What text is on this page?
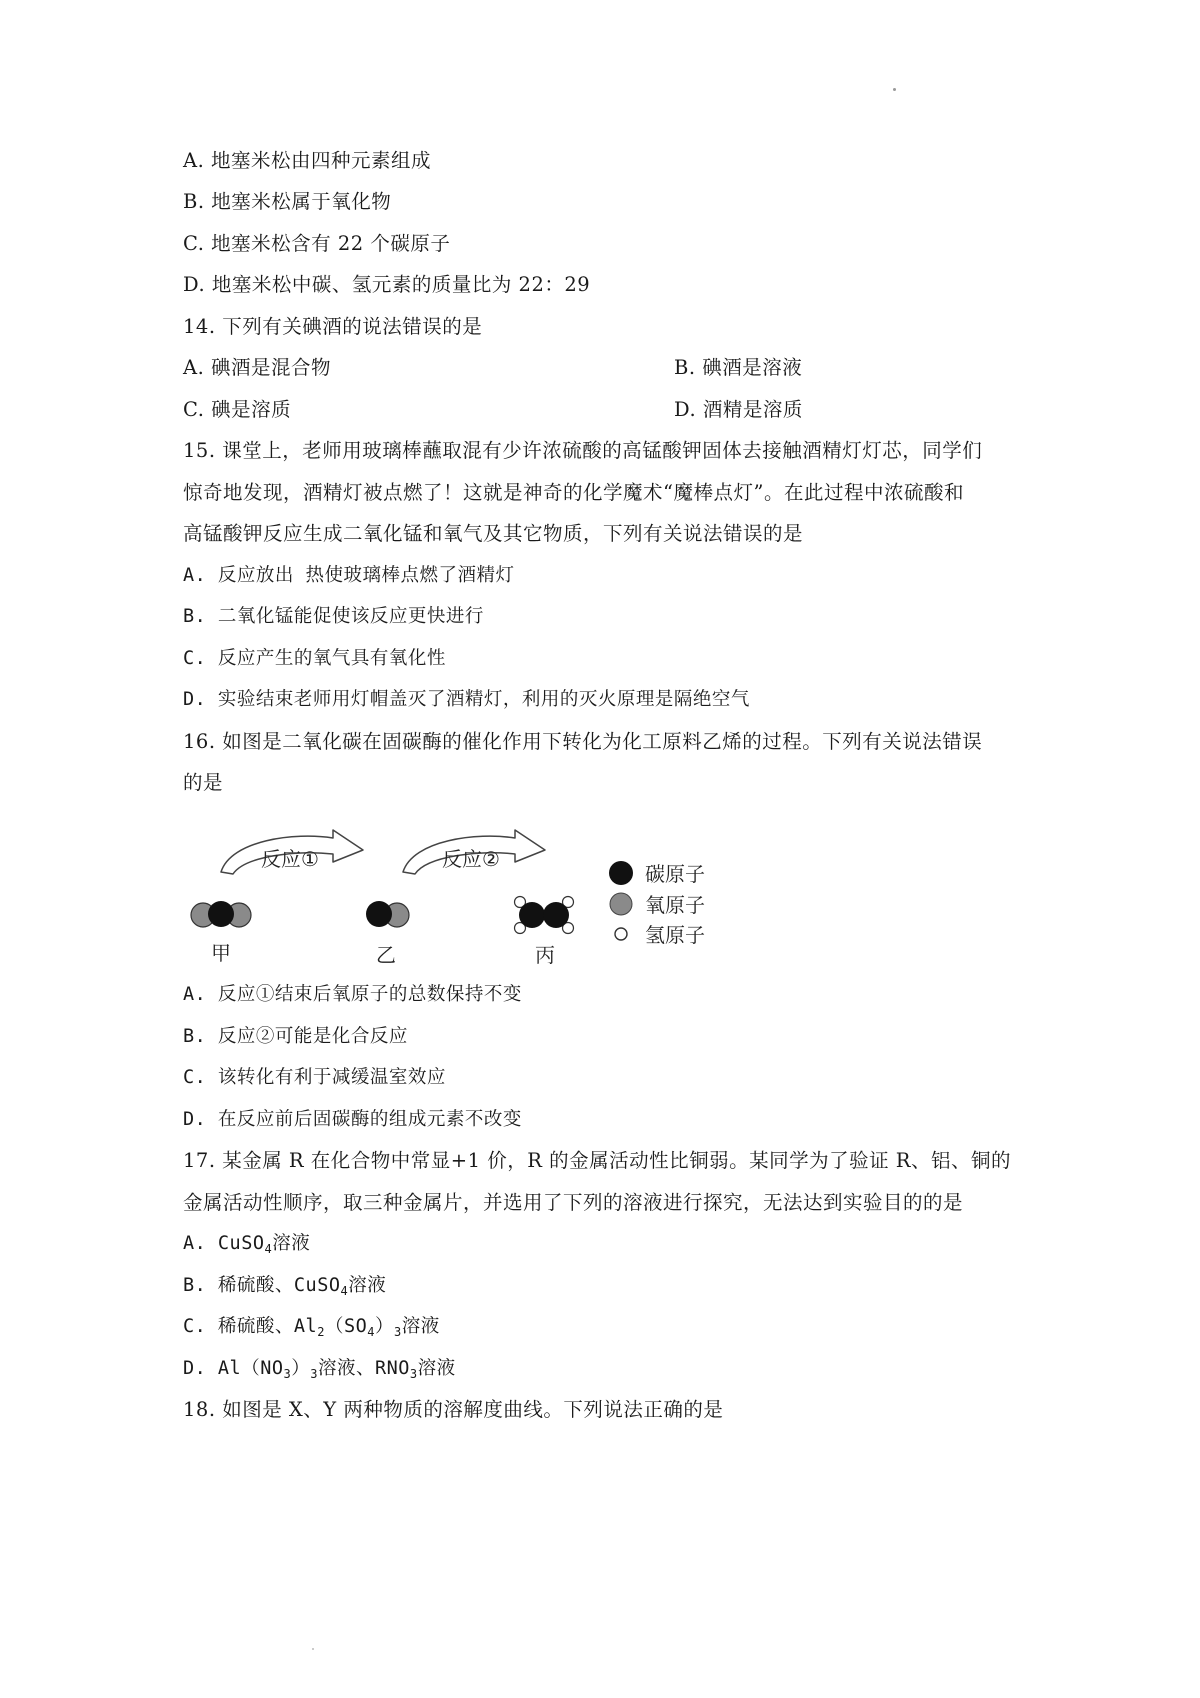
A. 地塞米松由四种元素组成
B. 地塞米松属于氧化物
C. 地塞米松含有 22 个碳原子
D. 地塞米松中碳、氢元素的质量比为 22：29
14. 下列有关碘酒的说法错误的是
A. 碘酒是混合物	B. 碘酒是溶液
C. 碘是溶质	D. 酒精是溶质
15. 课堂上，老师用玻璃棒蘸取混有少许浓硫酸的高锰酸钾固体去接触酒精灯灯芯，同学们
惊奇地发现，酒精灯被点燃了！这就是神奇的化学魔术“魔棒点灯”。在此过程中浓硫酸和
高锰酸钾反应生成二氧化锰和氧气及其它物质，下列有关说法错误的是
A. 反应放出 热使玻璃棒点燃了酒精灯
B. 二氧化锰能促使该反应更快进行
C. 反应产生的氧气具有氧化性
D. 实验结束老师用灯帽盖灭了酒精灯，利用的灭火原理是隔绝空气
16. 如图是二氧化碳在固碳酶的催化作用下转化为化工原料乙烯的过程。下列有关说法错误
的是
反应①	反应②
甲	乙	丙
碳原子
氧原子
氢原子
A. 反应①结束后氧原子的总数保持不变
B. 反应②可能是化合反应
C. 该转化有利于减缓温室效应
D. 在反应前后固碳酶的组成元素不改变
17. 某金属 R 在化合物中常显+1 价，R 的金属活动性比铜弱。某同学为了验证 R、铝、铜的
金属活动性顺序，取三种金属片，并选用了下列的溶液进行探究，无法达到实验目的的是
A. CuSO$_4$溶液
B. 稀硫酸、CuSO$_4$溶液
C. 稀硫酸、$Al_2(SO_4)_3$溶液
D. $Al(NO_3)_3$溶液、$RNO_3$溶液
18. 如图是 X、Y 两种物质的溶解度曲线。下列说法正确的是
